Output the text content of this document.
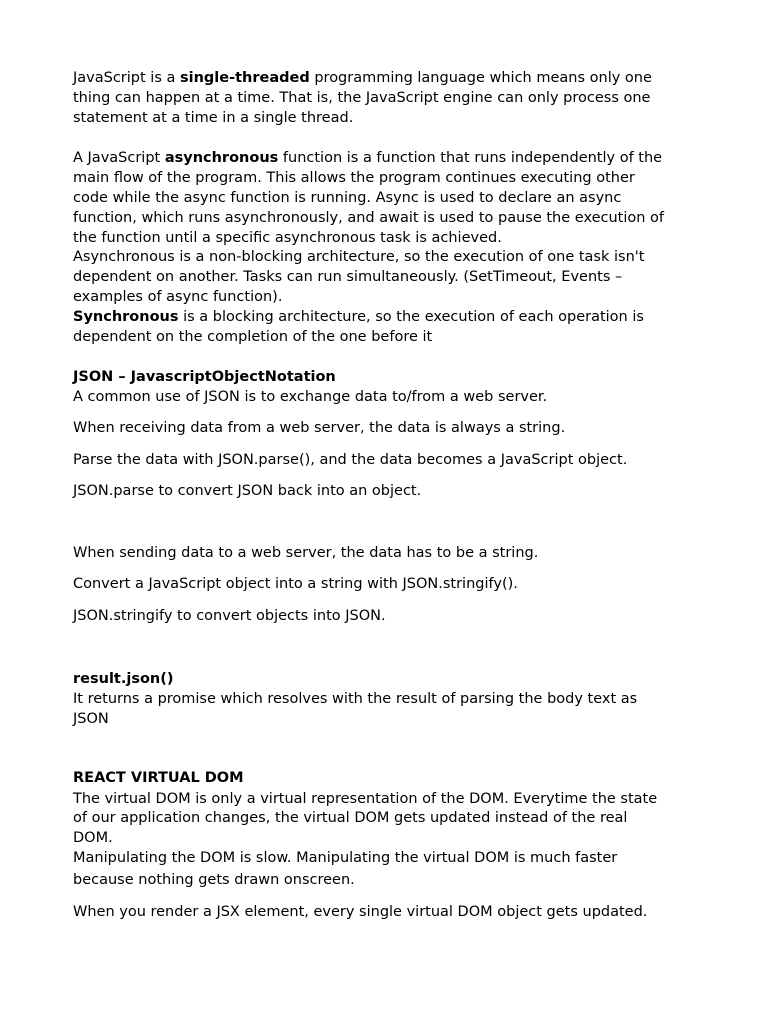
JavaScript is a single-threaded programming language which means only one
thing can happen at a time. That is, the JavaScript engine can only process one
statement at a time in a single thread.
A JavaScript asynchronous function is a function that runs independently of the
main flow of the program. This allows the program continues executing other
code while the async function is running. Async is used to declare an async
function, which runs asynchronously, and await is used to pause the execution of
the function until a specific asynchronous task is achieved.
Asynchronous is a non-blocking architecture, so the execution of one task isn't
dependent on another. Tasks can run simultaneously. (SetTimeout, Events –
examples of async function).
Synchronous is a blocking architecture, so the execution of each operation is
dependent on the completion of the one before it
JSON – JavascriptObjectNotation
A common use of JSON is to exchange data to/from a web server.
When receiving data from a web server, the data is always a string.
Parse the data with JSON.parse(), and the data becomes a JavaScript object.
JSON.parse to convert JSON back into an object.
When sending data to a web server, the data has to be a string.
Convert a JavaScript object into a string with JSON.stringify().
JSON.stringify to convert objects into JSON.
result.json()
It returns a promise which resolves with the result of parsing the body text as
JSON
REACT VIRTUAL DOM
The virtual DOM is only a virtual representation of the DOM. Everytime the state
of our application changes, the virtual DOM gets updated instead of the real
DOM.
Manipulating the DOM is slow. Manipulating the virtual DOM is much faster
because nothing gets drawn onscreen.
When you render a JSX element, every single virtual DOM object gets updated.
